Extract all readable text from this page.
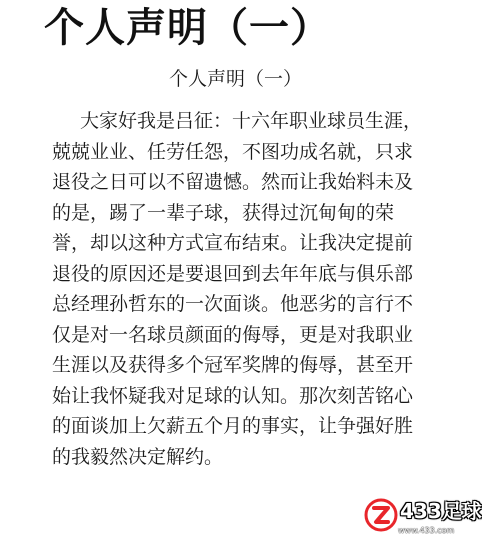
个人声明（一）
个人声明（一）
大家好我是吕征：十六年职业球员生涯，
兢兢业业、任劳任怨，不图功成名就，只求
退役之日可以不留遗憾。然而让我始料未及
的是，踢了一辈子球，获得过沉甸甸的荣
誉，却以这种方式宣布结束。让我决定提前
退役的原因还是要退回到去年年底与俱乐部
总经理孙哲东的一次面谈。他恶劣的言行不
仅是对一名球员颜面的侮辱，更是对我职业
生涯以及获得多个冠军奖牌的侮辱，甚至开
始让我怀疑我对足球的认知。那次刻苦铭心
的面谈加上欠薪五个月的事实，让争强好胜
的我毅然决定解约。
433足球
www.433.com
